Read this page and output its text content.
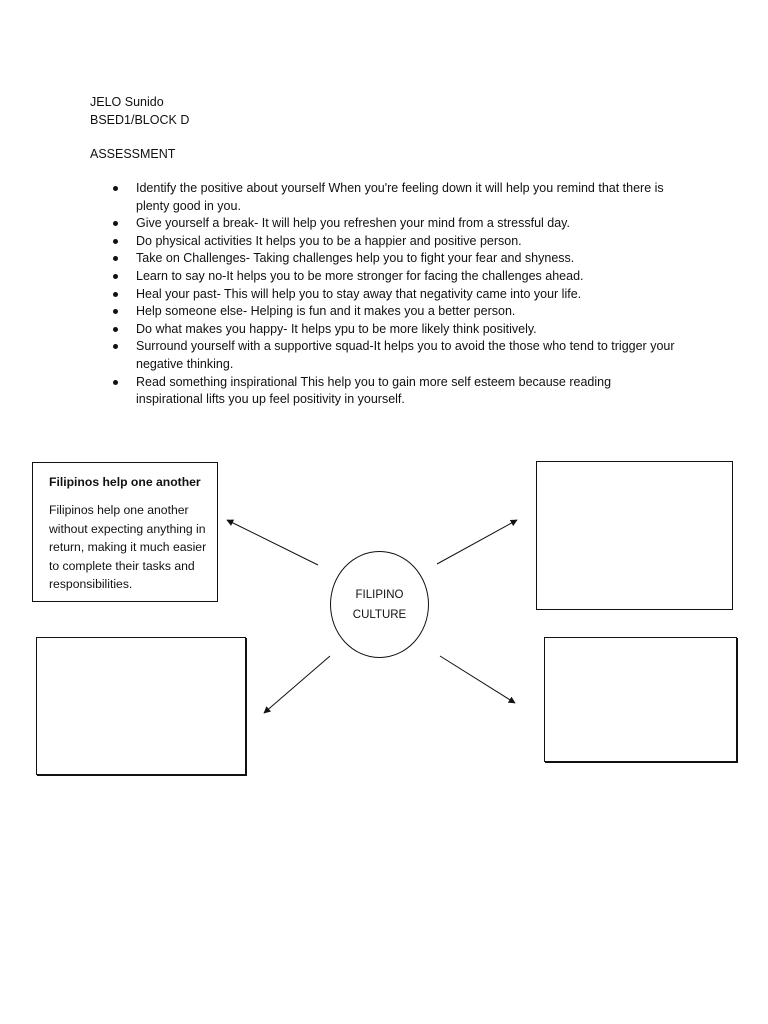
JELO Sunido
BSED1/BLOCK D
ASSESSMENT
Identify the positive about yourself When you're feeling down it will help you remind that there is plenty good in you.
Give yourself a break- It will help you refreshen your mind from a stressful day.
Do physical activities It helps you to be a happier and positive person.
Take on Challenges- Taking challenges help you to fight your fear and shyness.
Learn to say no-It helps you to be more stronger for facing the challenges ahead.
Heal your past- This will help you to stay away that negativity came into your life.
Help someone else- Helping is fun and it makes you a better person.
Do what makes you happy- It helps ypu to be more likely think positively.
Surround yourself with a supportive squad-It helps you to avoid the those who tend to trigger your negative thinking.
Read something inspirational This help you to gain more self esteem because reading inspirational lifts you up feel positivity in yourself.
Filipinos help one another
Filipinos help one another without expecting anything in return, making it much easier to complete their tasks and responsibilities.
FILIPINO
CULTURE
